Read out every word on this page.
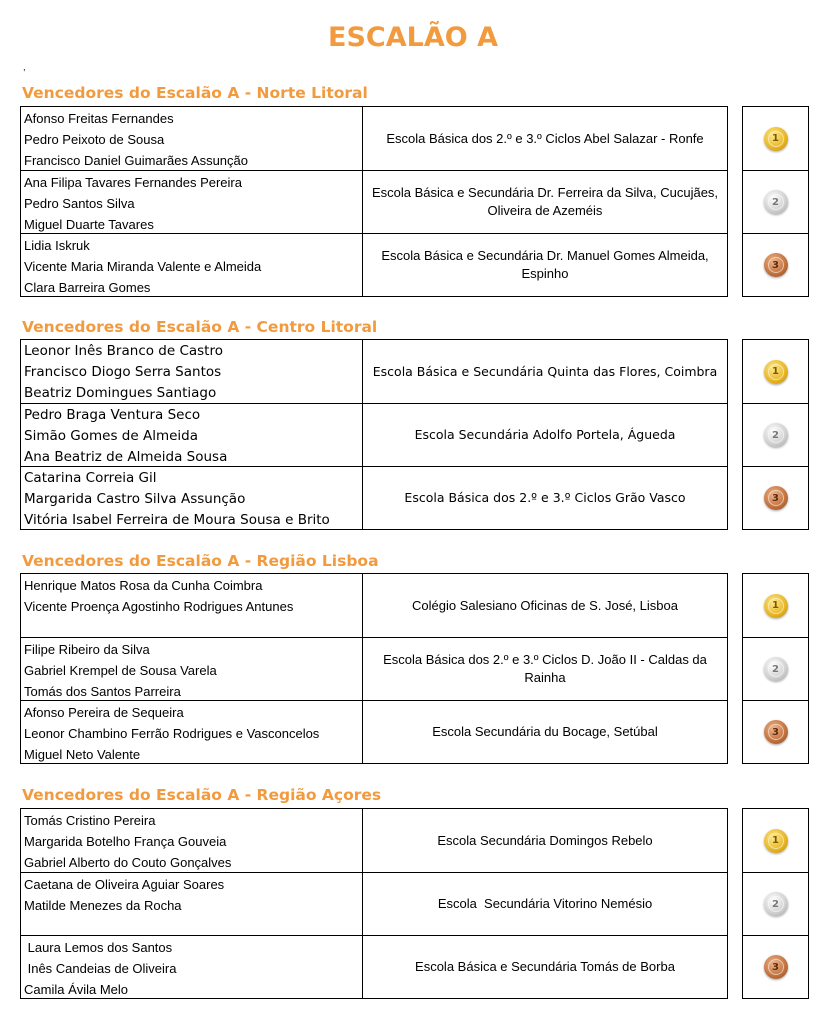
ESCALÃO A
,
Vencedores do Escalão A - Norte Litoral
Afonso Freitas Fernandes
Pedro Peixoto de Sousa
Francisco Daniel Guimarães Assunção
Escola Básica dos 2.º e 3.º Ciclos Abel Salazar - Ronfe
Ana Filipa Tavares Fernandes Pereira
Pedro Santos Silva
Miguel Duarte Tavares
Escola Básica e Secundária Dr. Ferreira da Silva, Cucujães, Oliveira de Azeméis
Lidia Iskruk
Vicente Maria Miranda Valente e Almeida
Clara Barreira Gomes
Escola Básica e Secundária Dr. Manuel Gomes Almeida, Espinho
1
2
3
Vencedores do Escalão A - Centro Litoral
Leonor Inês Branco de Castro
Francisco Diogo Serra Santos
Beatriz Domingues Santiago
Escola Básica e Secundária Quinta das Flores, Coimbra
Pedro Braga Ventura Seco
Simão Gomes de Almeida
Ana Beatriz de Almeida Sousa
Escola Secundária Adolfo Portela, Águeda
Catarina Correia Gil
Margarida Castro Silva Assunção
Vitória Isabel Ferreira de Moura Sousa e Brito
Escola Básica dos 2.º e 3.º Ciclos Grão Vasco
1
2
3
Vencedores do Escalão A - Região Lisboa
Henrique Matos Rosa da Cunha Coimbra
Vicente Proença Agostinho Rodrigues Antunes	Colégio Salesiano Oficinas de S. José, Lisboa
Filipe Ribeiro da Silva
Gabriel Krempel de Sousa Varela
Tomás dos Santos Parreira
Escola Básica dos 2.º e 3.º Ciclos D. João II - Caldas da Rainha
Afonso Pereira de Sequeira
Leonor Chambino Ferrão Rodrigues e Vasconcelos
Miguel Neto Valente
Escola Secundária du Bocage, Setúbal
1
2
3
Vencedores do Escalão A - Região Açores
Tomás Cristino Pereira
Margarida Botelho França Gouveia
Gabriel Alberto do Couto Gonçalves
Escola Secundária Domingos Rebelo
Caetana de Oliveira Aguiar Soares
Matilde Menezes da Rocha	Escola  Secundária Vitorino Nemésio
Laura Lemos dos Santos
Inês Candeias de Oliveira
Camila Ávila Melo
Escola Básica e Secundária Tomás de Borba
1
2
3
